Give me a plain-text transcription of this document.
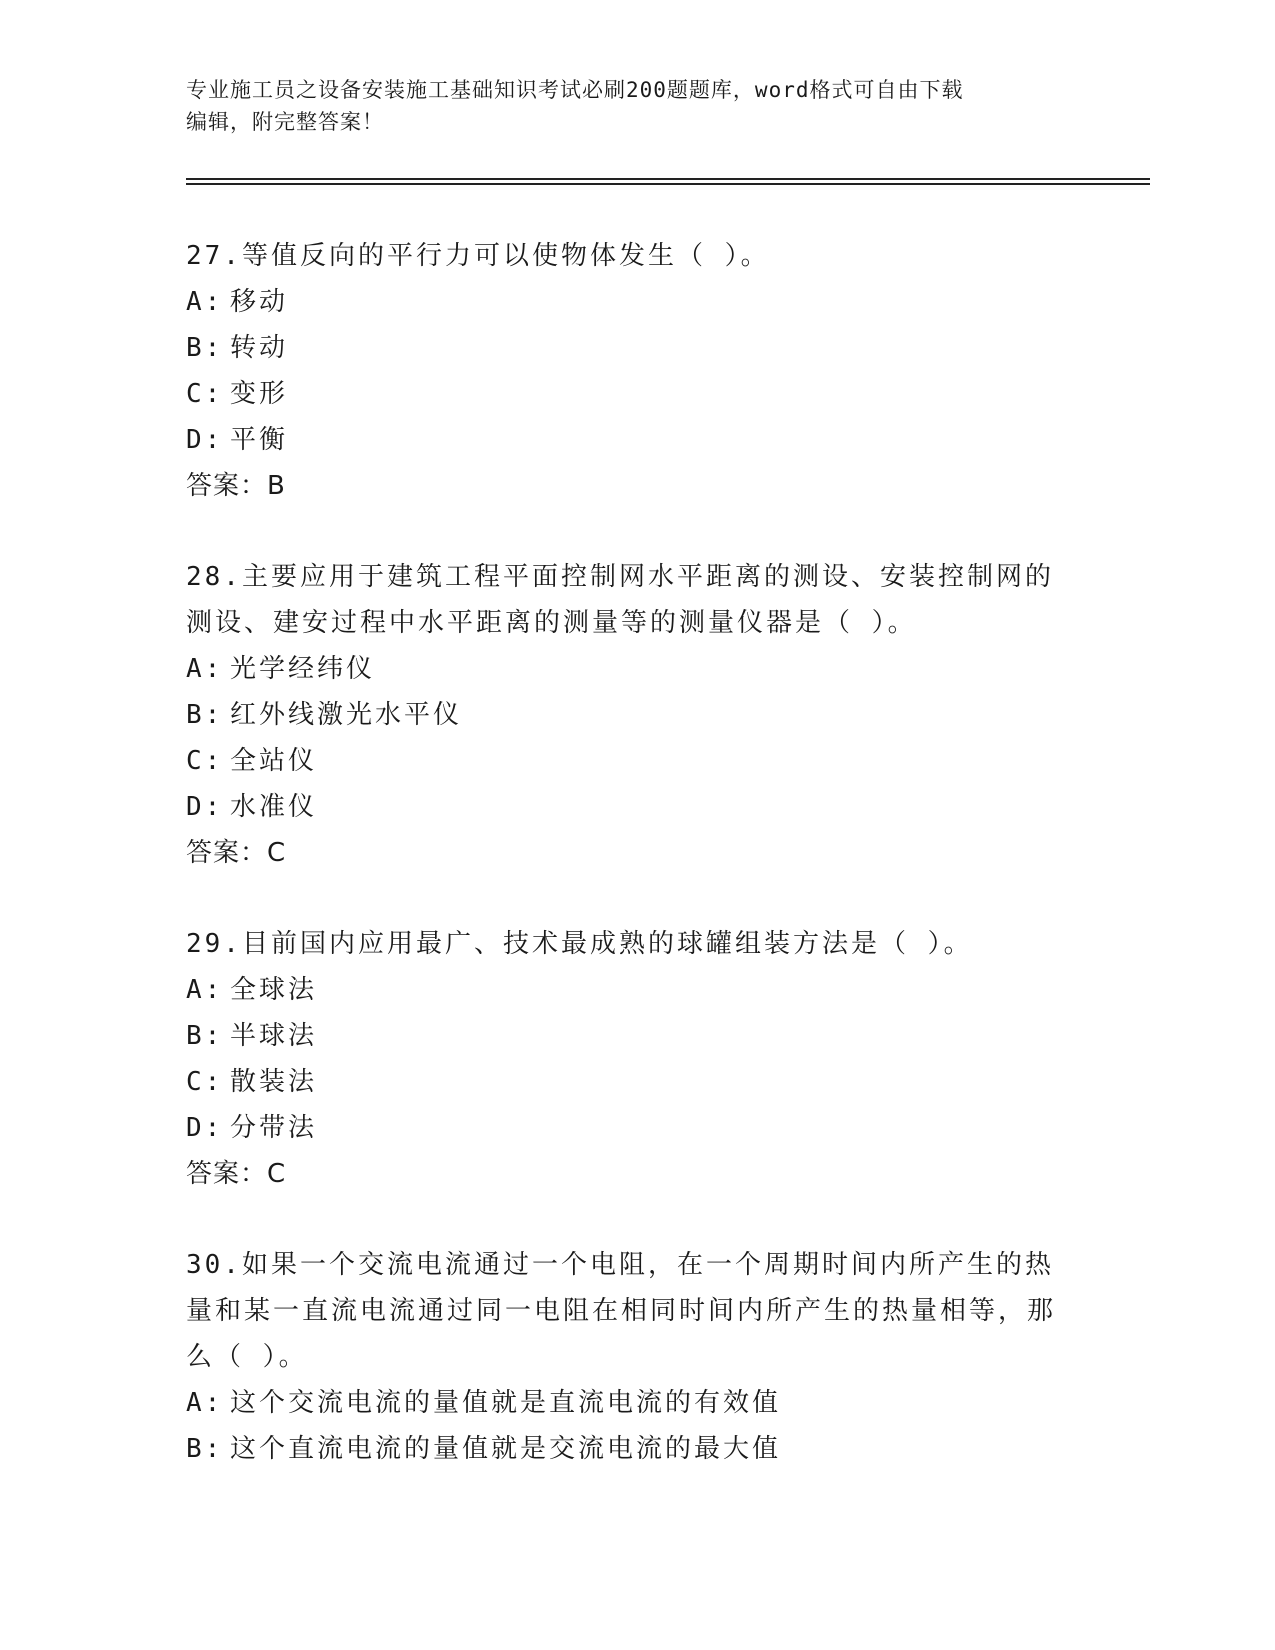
专业施工员之设备安装施工基础知识考试必刷200题题库，word格式可自由下载
编辑，附完整答案！
27.等值反向的平行力可以使物体发生（ ）。
A: 移动
B: 转动
C: 变形
D: 平衡
答案：B
28.主要应用于建筑工程平面控制网水平距离的测设、安装控制网的测设、建安过程中水平距离的测量等的测量仪器是（ ）。
A: 光学经纬仪
B: 红外线激光水平仪
C: 全站仪
D: 水准仪
答案：C
29.目前国内应用最广、技术最成熟的球罐组装方法是（ ）。
A: 全球法
B: 半球法
C: 散装法
D: 分带法
答案：C
30.如果一个交流电流通过一个电阻，在一个周期时间内所产生的热量和某一直流电流通过同一电阻在相同时间内所产生的热量相等，那么（ ）。
A: 这个交流电流的量值就是直流电流的有效值
B: 这个直流电流的量值就是交流电流的最大值
